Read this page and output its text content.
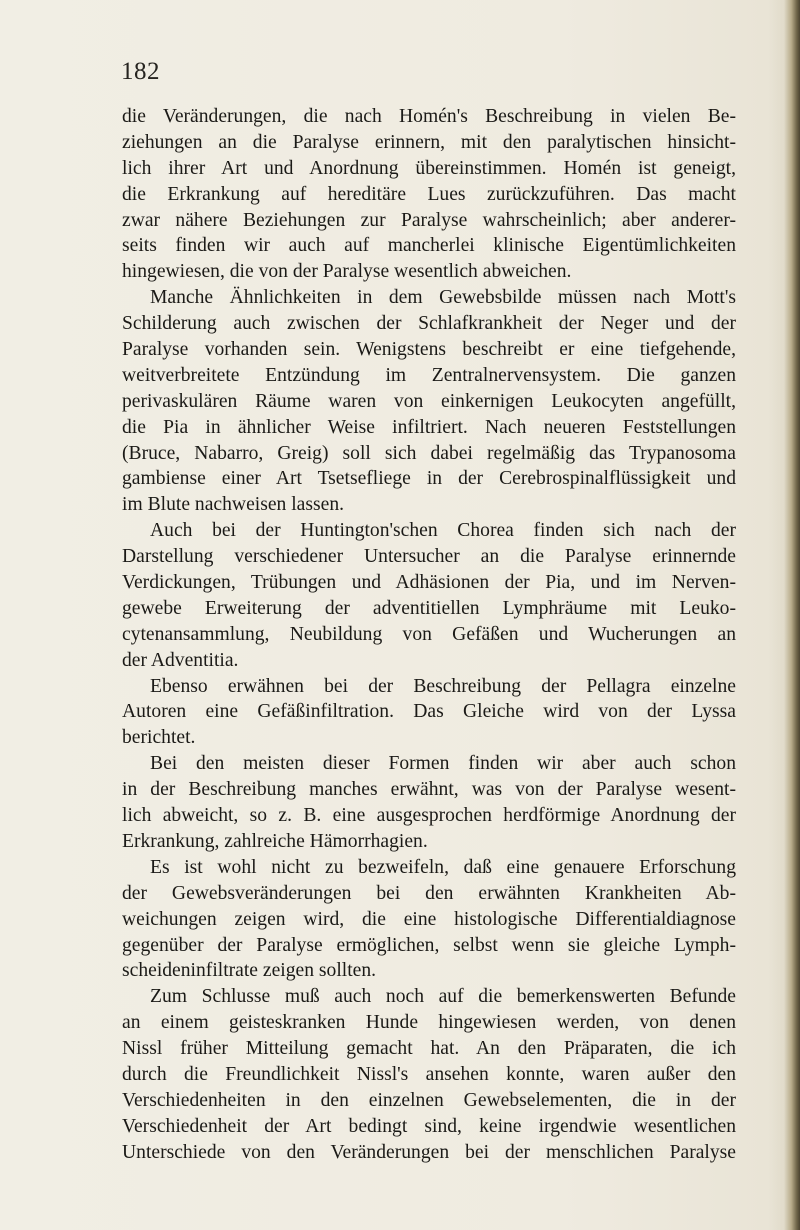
182
die Veränderungen, die nach Homén's Beschreibung in vielen Be-
ziehungen an die Paralyse erinnern, mit den paralytischen hinsicht-
lich ihrer Art und Anordnung übereinstimmen. Homén ist geneigt,
die Erkrankung auf hereditäre Lues zurückzuführen. Das macht
zwar nähere Beziehungen zur Paralyse wahrscheinlich; aber anderer-
seits finden wir auch auf mancherlei klinische Eigentümlichkeiten
hingewiesen, die von der Paralyse wesentlich abweichen.
Manche Ähnlichkeiten in dem Gewebsbilde müssen nach Mott's
Schilderung auch zwischen der Schlafkrankheit der Neger und der
Paralyse vorhanden sein. Wenigstens beschreibt er eine tiefgehende,
weitverbreitete Entzündung im Zentralnervensystem. Die ganzen
perivaskulären Räume waren von einkernigen Leukocyten angefüllt,
die Pia in ähnlicher Weise infiltriert. Nach neueren Feststellungen
(Bruce, Nabarro, Greig) soll sich dabei regelmäßig das Trypanosoma
gambiense einer Art Tsetsefliege in der Cerebrospinalflüssigkeit und
im Blute nachweisen lassen.
Auch bei der Huntington'schen Chorea finden sich nach der
Darstellung verschiedener Untersucher an die Paralyse erinnernde
Verdickungen, Trübungen und Adhäsionen der Pia, und im Nerven-
gewebe Erweiterung der adventitiellen Lymphräume mit Leuko-
cytenansammlung, Neubildung von Gefäßen und Wucherungen an
der Adventitia.
Ebenso erwähnen bei der Beschreibung der Pellagra einzelne
Autoren eine Gefäßinfiltration. Das Gleiche wird von der Lyssa
berichtet.
Bei den meisten dieser Formen finden wir aber auch schon
in der Beschreibung manches erwähnt, was von der Paralyse wesent-
lich abweicht, so z. B. eine ausgesprochen herdförmige Anordnung der
Erkrankung, zahlreiche Hämorrhagien.
Es ist wohl nicht zu bezweifeln, daß eine genauere Erforschung
der Gewebsveränderungen bei den erwähnten Krankheiten Ab-
weichungen zeigen wird, die eine histologische Differentialdiagnose
gegenüber der Paralyse ermöglichen, selbst wenn sie gleiche Lymph-
scheideninfiltrate zeigen sollten.
Zum Schlusse muß auch noch auf die bemerkenswerten Befunde
an einem geisteskranken Hunde hingewiesen werden, von denen
Nissl früher Mitteilung gemacht hat. An den Präparaten, die ich
durch die Freundlichkeit Nissl's ansehen konnte, waren außer den
Verschiedenheiten in den einzelnen Gewebselementen, die in der
Verschiedenheit der Art bedingt sind, keine irgendwie wesentlichen
Unterschiede von den Veränderungen bei der menschlichen Paralyse
